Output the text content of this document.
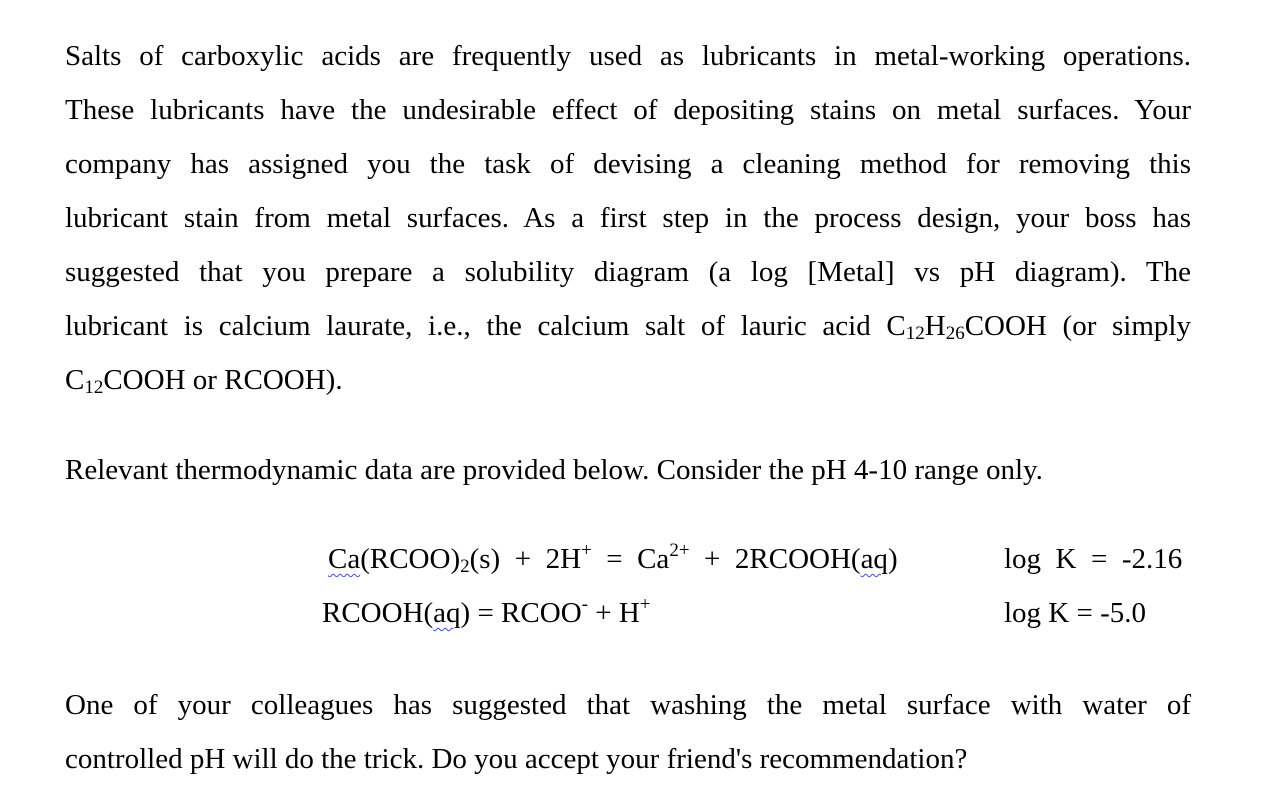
Salts of carboxylic acids are frequently used as lubricants in metal-working operations.
These lubricants have the undesirable effect of depositing stains on metal surfaces. Your
company has assigned you the task of devising a cleaning method for removing this
lubricant stain from metal surfaces. As a first step in the process design, your boss has
suggested that you prepare a solubility diagram (a log [Metal] vs pH diagram). The
lubricant is calcium laurate, i.e., the calcium salt of lauric acid $C_{12}H_{26}COOH$ (or simply
$C_{12}COOH$ or RCOOH).
Relevant thermodynamic data are provided below. Consider the pH 4-10 range only.
$Ca(RCOO)_2(s) + 2H^+ = Ca^{2+}$  +  2RCOOH(aq)	log  K  =  -2.16
RCOOH(aq) = RCOO- + H+	log K = -5.0
One of your colleagues has suggested that washing the metal surface with water of
controlled pH will do the trick. Do you accept your friend's recommendation?
